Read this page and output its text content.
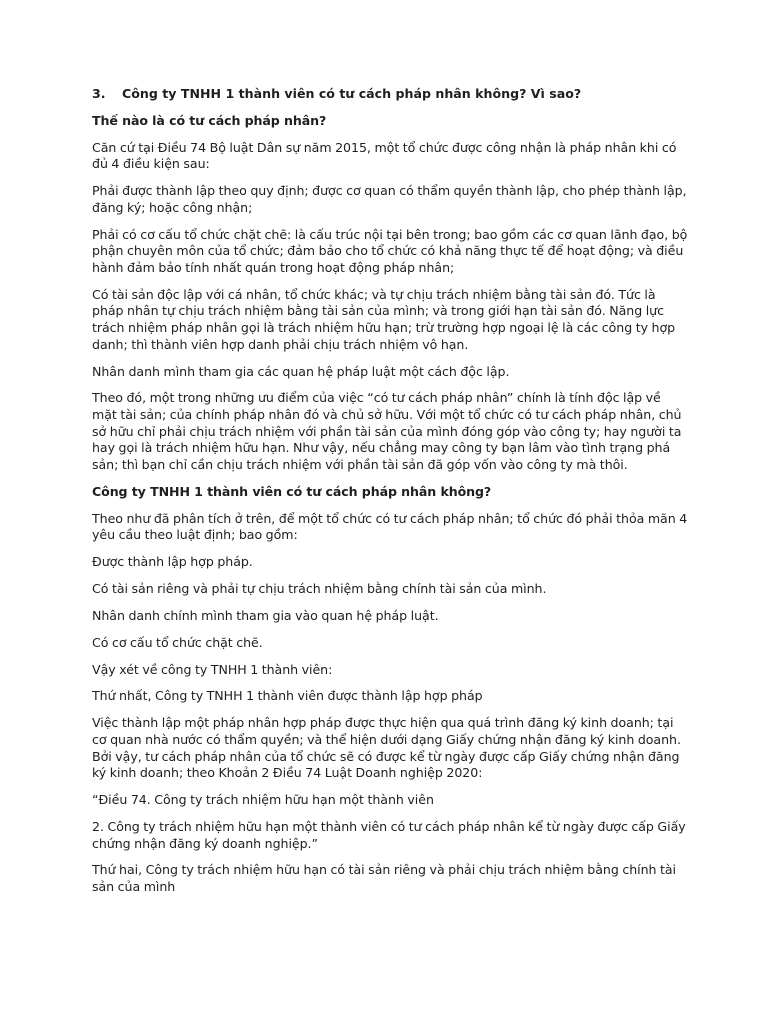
3.	Công ty TNHH 1 thành viên có tư cách pháp nhân không? Vì sao?

Thế nào là có tư cách pháp nhân?

Căn cứ tại Điều 74 Bộ luật Dân sự năm 2015, một tổ chức được công nhận là pháp nhân khi có đủ 4 điều kiện sau:

Phải được thành lập theo quy định; được cơ quan có thẩm quyền thành lập, cho phép thành lập, đăng ký; hoặc công nhận;

Phải có cơ cấu tổ chức chặt chẽ: là cấu trúc nội tại bên trong; bao gồm các cơ quan lãnh đạo, bộ phận chuyên môn của tổ chức; đảm bảo cho tổ chức có khả năng thực tế để hoạt động; và điều hành đảm bảo tính nhất quán trong hoạt động pháp nhân;

Có tài sản độc lập với cá nhân, tổ chức khác; và tự chịu trách nhiệm bằng tài sản đó. Tức là pháp nhân tự chịu trách nhiệm bằng tài sản của mình; và trong giới hạn tài sản đó. Năng lực trách nhiệm pháp nhân gọi là trách nhiệm hữu hạn; trừ trường hợp ngoại lệ là các công ty hợp danh; thì thành viên hợp danh phải chịu trách nhiệm vô hạn.

Nhân danh mình tham gia các quan hệ pháp luật một cách độc lập.

Theo đó, một trong những ưu điểm của việc “có tư cách pháp nhân” chính là tính độc lập về mặt tài sản; của chính pháp nhân đó và chủ sở hữu. Với một tổ chức có tư cách pháp nhân, chủ sở hữu chỉ phải chịu trách nhiệm với phần tài sản của mình đóng góp vào công ty; hay người ta hay gọi là trách nhiệm hữu hạn. Như vậy, nếu chẳng may công ty bạn lâm vào tình trạng phá sản; thì bạn chỉ cần chịu trách nhiệm với phần tài sản đã góp vốn vào công ty mà thôi.

Công ty TNHH 1 thành viên có tư cách pháp nhân không?

Theo như đã phân tích ở trên, để một tổ chức có tư cách pháp nhân; tổ chức đó phải thỏa mãn 4 yêu cầu theo luật định; bao gồm:

Được thành lập hợp pháp.

Có tài sản riêng và phải tự chịu trách nhiệm bằng chính tài sản của mình.

Nhân danh chính mình tham gia vào quan hệ pháp luật.

Có cơ cấu tổ chức chặt chẽ.

Vậy xét về công ty TNHH 1 thành viên:

Thứ nhất, Công ty TNHH 1 thành viên được thành lập hợp pháp

Việc thành lập một pháp nhân hợp pháp được thực hiện qua quá trình đăng ký kinh doanh; tại cơ quan nhà nước có thẩm quyền; và thể hiện dưới dạng Giấy chứng nhận đăng ký kinh doanh. Bởi vậy, tư cách pháp nhân của tổ chức sẽ có được kể từ ngày được cấp Giấy chứng nhận đăng ký kinh doanh; theo Khoản 2 Điều 74 Luật Doanh nghiệp 2020:

“Điều 74. Công ty trách nhiệm hữu hạn một thành viên

2. Công ty trách nhiệm hữu hạn một thành viên có tư cách pháp nhân kể từ ngày được cấp Giấy chứng nhận đăng ký doanh nghiệp.”

Thứ hai, Công ty trách nhiệm hữu hạn có tài sản riêng và phải chịu trách nhiệm bằng chính tài sản của mình
